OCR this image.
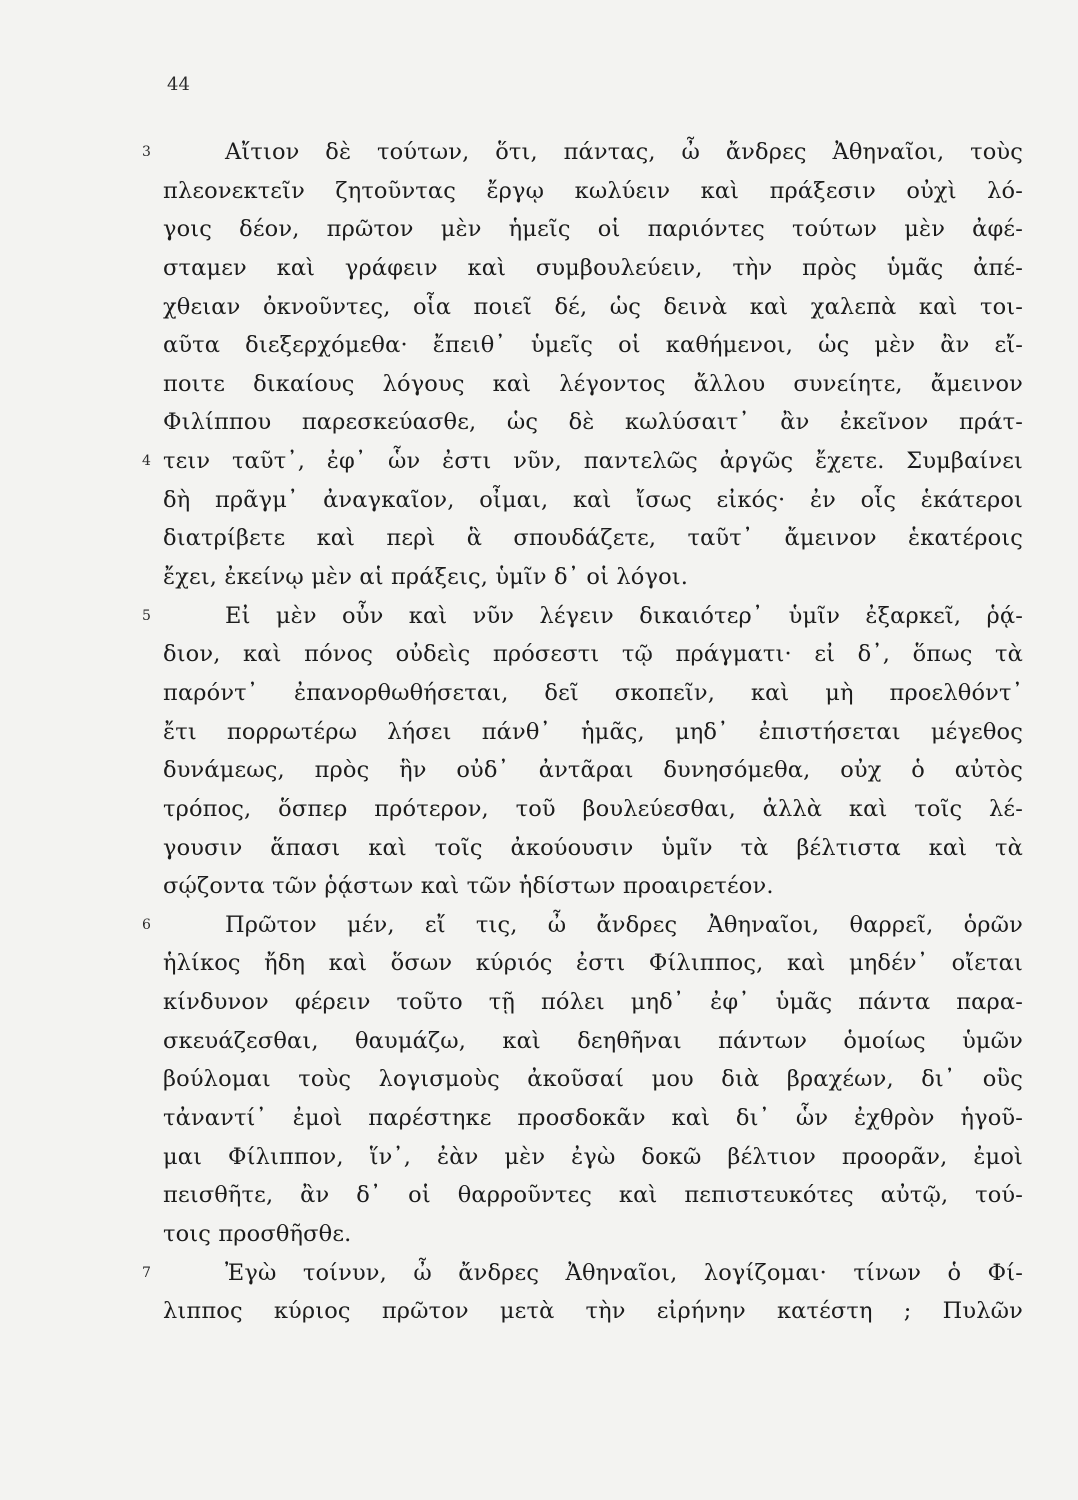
44
3	Αἴτιον δὲ τούτων, ὅτι, πάντας, ὦ ἄνδρες Ἀθηναῖοι, τοὺς
πλεονεκτεῖν ζητοῦντας ἔργῳ κωλύειν καὶ πράξεσιν οὐχὶ λό-
γοις δέον, πρῶτον μὲν ἡμεῖς οἱ παριόντες τούτων μὲν ἀφέ-
σταμεν καὶ γράφειν καὶ συμβουλεύειν, τὴν πρὸς ὑμᾶς ἀπέ-
χθειαν ὀκνοῦντες, οἷα ποιεῖ δέ, ὡς δεινὰ καὶ χαλεπὰ καὶ τοι-
αῦτα διεξερχόμεθα· ἔπειθ᾽ ὑμεῖς οἱ καθήμενοι, ὡς μὲν ἂν εἴ-
ποιτε δικαίους λόγους καὶ λέγοντος ἄλλου συνείητε, ἄμεινον
Φιλίππου παρεσκεύασθε, ὡς δὲ κωλύσαιτ᾽ ἂν ἐκεῖνον πράτ-
4 τειν ταῦτ᾽, ἐφ᾽ ὧν ἐστι νῦν, παντελῶς ἀργῶς ἔχετε. Συμβαίνει
δὴ πρᾶγμ᾽ ἀναγκαῖον, οἶμαι, καὶ ἴσως εἰκός· ἐν οἷς ἑκάτεροι
διατρίβετε καὶ περὶ ἃ σπουδάζετε, ταῦτ᾽ ἄμεινον ἑκατέροις
ἔχει, ἐκείνῳ μὲν αἱ πράξεις, ὑμῖν δ᾽ οἱ λόγοι.
5	Εἰ μὲν οὖν καὶ νῦν λέγειν δικαιότερ᾽ ὑμῖν ἐξαρκεῖ, ῥᾴ-
διον, καὶ πόνος οὐδεὶς πρόσεστι τῷ πράγματι· εἰ δ᾽, ὅπως τὰ
παρόντ᾽ ἐπανορθωθήσεται, δεῖ σκοπεῖν, καὶ μὴ προελθόντ᾽
ἔτι πορρωτέρω λήσει πάνθ᾽ ἡμᾶς, μηδ᾽ ἐπιστήσεται μέγεθος
δυνάμεως, πρὸς ἣν οὐδ᾽ ἀντᾶραι δυνησόμεθα, οὐχ ὁ αὐτὸς
τρόπος, ὅσπερ πρότερον, τοῦ βουλεύεσθαι, ἀλλὰ καὶ τοῖς λέ-
γουσιν ἅπασι καὶ τοῖς ἀκούουσιν ὑμῖν τὰ βέλτιστα καὶ τὰ
σῴζοντα τῶν ῥᾴστων καὶ τῶν ἡδίστων προαιρετέον.
6	Πρῶτον μέν, εἴ τις, ὦ ἄνδρες Ἀθηναῖοι, θαρρεῖ, ὁρῶν
ἡλίκος ἤδη καὶ ὅσων κύριός ἐστι Φίλιππος, καὶ μηδέν᾽ οἴεται
κίνδυνον φέρειν τοῦτο τῇ πόλει μηδ᾽ ἐφ᾽ ὑμᾶς πάντα παρα-
σκευάζεσθαι, θαυμάζω, καὶ δεηθῆναι πάντων ὁμοίως ὑμῶν
βούλομαι τοὺς λογισμοὺς ἀκοῦσαί μου διὰ βραχέων, δι᾽ οὓς
τἀναντί᾽ ἐμοὶ παρέστηκε προσδοκᾶν καὶ δι᾽ ὧν ἐχθρὸν ἡγοῦ-
μαι Φίλιππον, ἵν᾽, ἐὰν μὲν ἐγὼ δοκῶ βέλτιον προορᾶν, ἐμοὶ
πεισθῆτε, ἂν δ᾽ οἱ θαρροῦντες καὶ πεπιστευκότες αὐτῷ, τού-
τοις προσθῆσθε.
7	Ἐγὼ τοίνυν, ὦ ἄνδρες Ἀθηναῖοι, λογίζομαι· τίνων ὁ Φί-
λιππος κύριος πρῶτον μετὰ τὴν εἰρήνην κατέστη ; Πυλῶν
